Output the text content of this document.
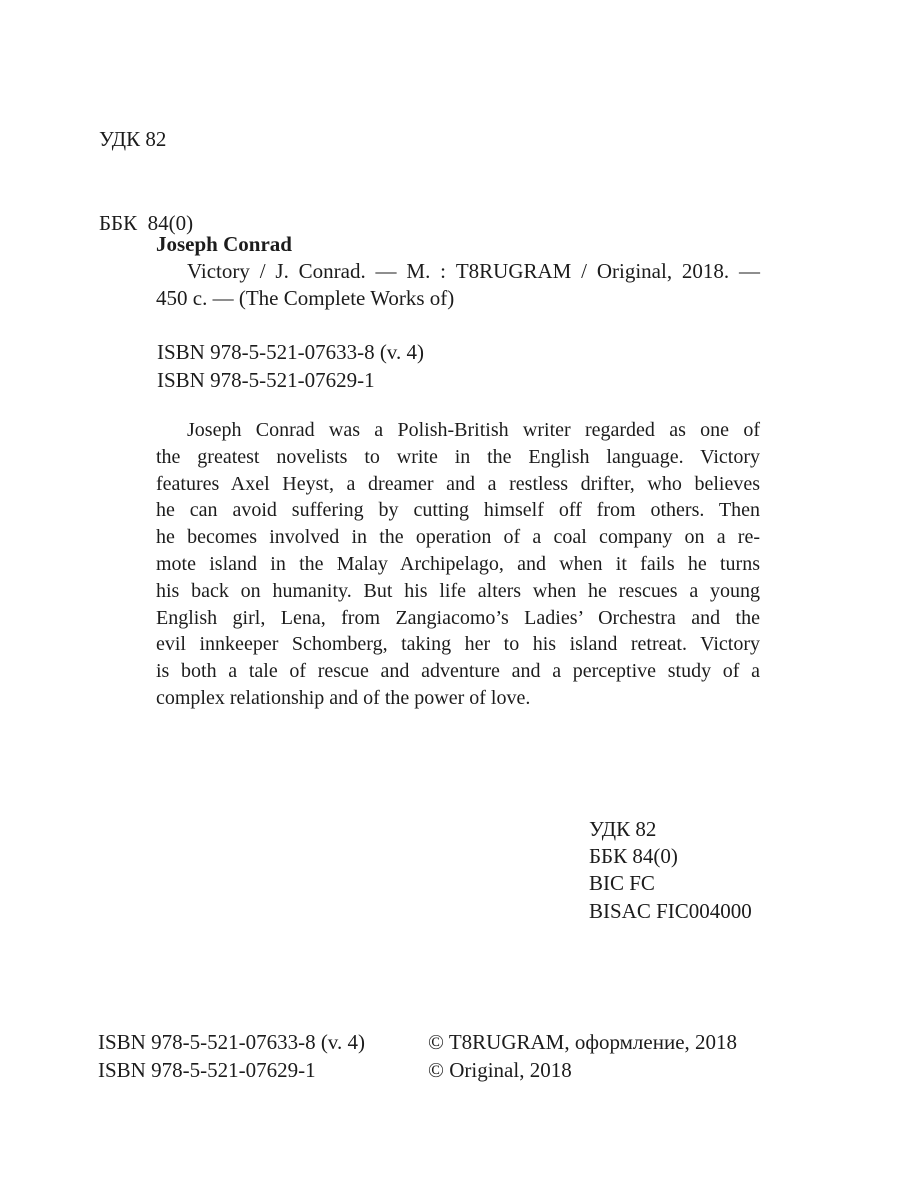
УДК 82

ББК  84(0)

Joseph Conrad
Victory / J. Conrad. — М. : T8RUGRAM / Original, 2018. —
450 с. — (The Complete Works of)
ISBN 978-5-521-07633-8 (v. 4)
ISBN 978-5-521-07629-1
Joseph Conrad was a Polish-British writer regarded as one of
the greatest novelists to write in the English language. Victory
features Axel Heyst, a dreamer and a restless drifter, who believes
he can avoid suffering by cutting himself off from others. Then
he becomes involved in the operation of a coal company on a re-
mote island in the Malay Archipelago, and when it fails he turns
his back on humanity. But his life alters when he rescues a young
English girl, Lena, from Zangiacomo’s Ladies’ Orchestra and the
evil innkeeper Schomberg, taking her to his island retreat. Victory
is both a tale of rescue and adventure and a perceptive study of a
complex relationship and of the power of love.
УДК 82
ББК 84(0)
BIC FC
BISAC FIC004000
ISBN 978-5-521-07633-8 (v. 4)
ISBN 978-5-521-07629-1
© T8RUGRAM, оформление, 2018
© Original, 2018
